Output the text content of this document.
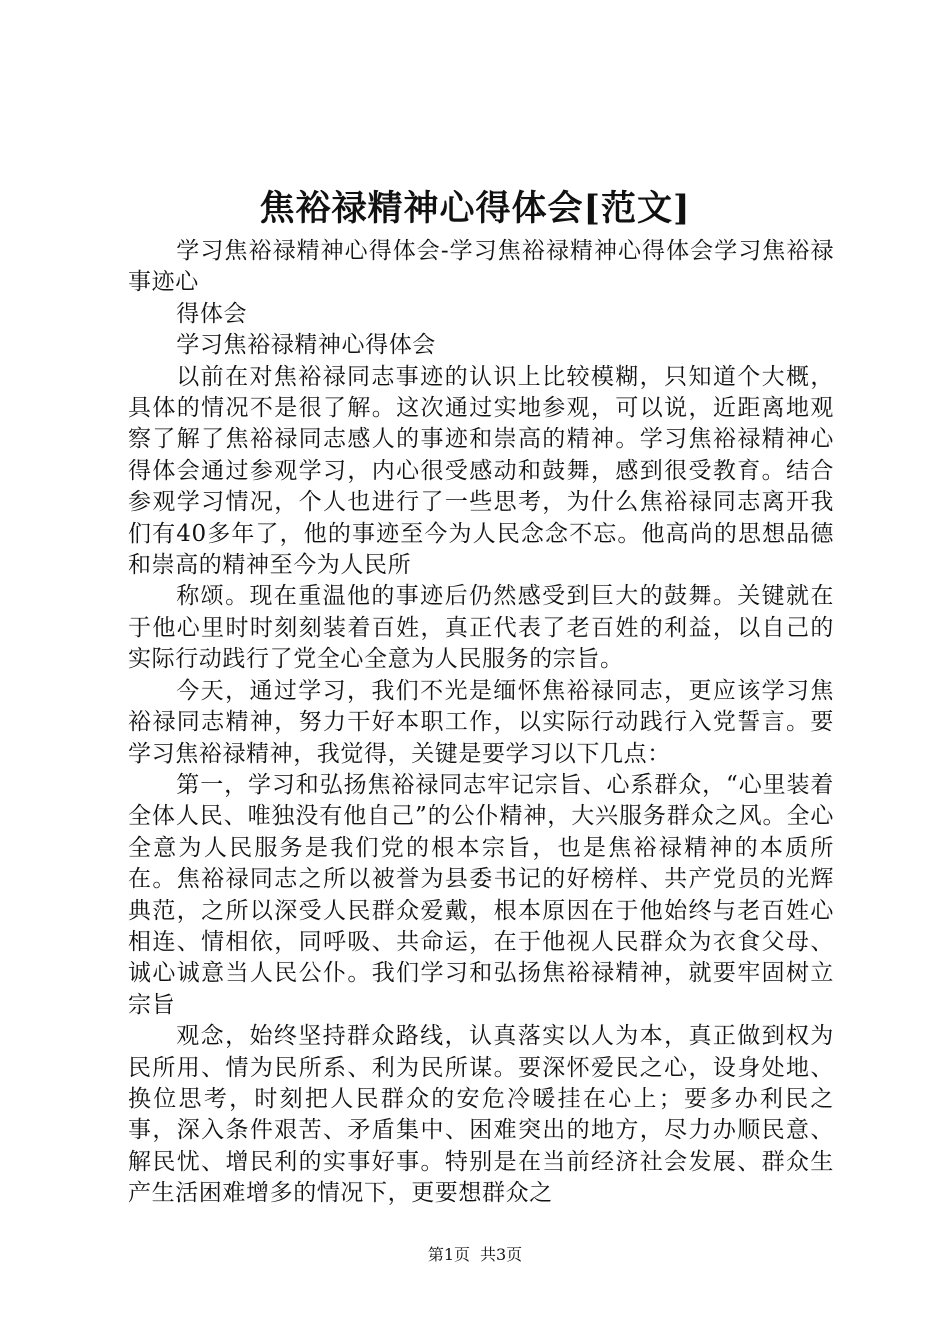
焦裕禄精神心得体会[范文]

学习焦裕禄精神心得体会-学习焦裕禄精神心得体会学习焦裕禄事迹心

得体会

学习焦裕禄精神心得体会

以前在对焦裕禄同志事迹的认识上比较模糊，只知道个大概，具体的情况不是很了解。这次通过实地参观，可以说，近距离地观察了解了焦裕禄同志感人的事迹和崇高的精神。学习焦裕禄精神心得体会通过参观学习，内心很受感动和鼓舞，感到很受教育。结合参观学习情况，个人也进行了一些思考，为什么焦裕禄同志离开我们有40多年了，他的事迹至今为人民念念不忘。他高尚的思想品德和崇高的精神至今为人民所

称颂。现在重温他的事迹后仍然感受到巨大的鼓舞。关键就在于他心里时时刻刻装着百姓，真正代表了老百姓的利益，以自己的实际行动践行了党全心全意为人民服务的宗旨。

今天，通过学习，我们不光是缅怀焦裕禄同志，更应该学习焦裕禄同志精神，努力干好本职工作，以实际行动践行入党誓言。要学习焦裕禄精神，我觉得，关键是要学习以下几点：

第一，学习和弘扬焦裕禄同志牢记宗旨、心系群众，“心里装着全体人民、唯独没有他自己”的公仆精神，大兴服务群众之风。全心全意为人民服务是我们党的根本宗旨，也是焦裕禄精神的本质所在。焦裕禄同志之所以被誉为县委书记的好榜样、共产党员的光辉典范，之所以深受人民群众爱戴，根本原因在于他始终与老百姓心相连、情相依，同呼吸、共命运，在于他视人民群众为衣食父母、诚心诚意当人民公仆。我们学习和弘扬焦裕禄精神，就要牢固树立宗旨

观念，始终坚持群众路线，认真落实以人为本，真正做到权为民所用、情为民所系、利为民所谋。要深怀爱民之心，设身处地、换位思考，时刻把人民群众的安危冷暖挂在心上；要多办利民之事，深入条件艰苦、矛盾集中、困难突出的地方，尽力办顺民意、解民忧、增民利的实事好事。特别是在当前经济社会发展、群众生产生活困难增多的情况下，更要想群众之

第1页 共3页
